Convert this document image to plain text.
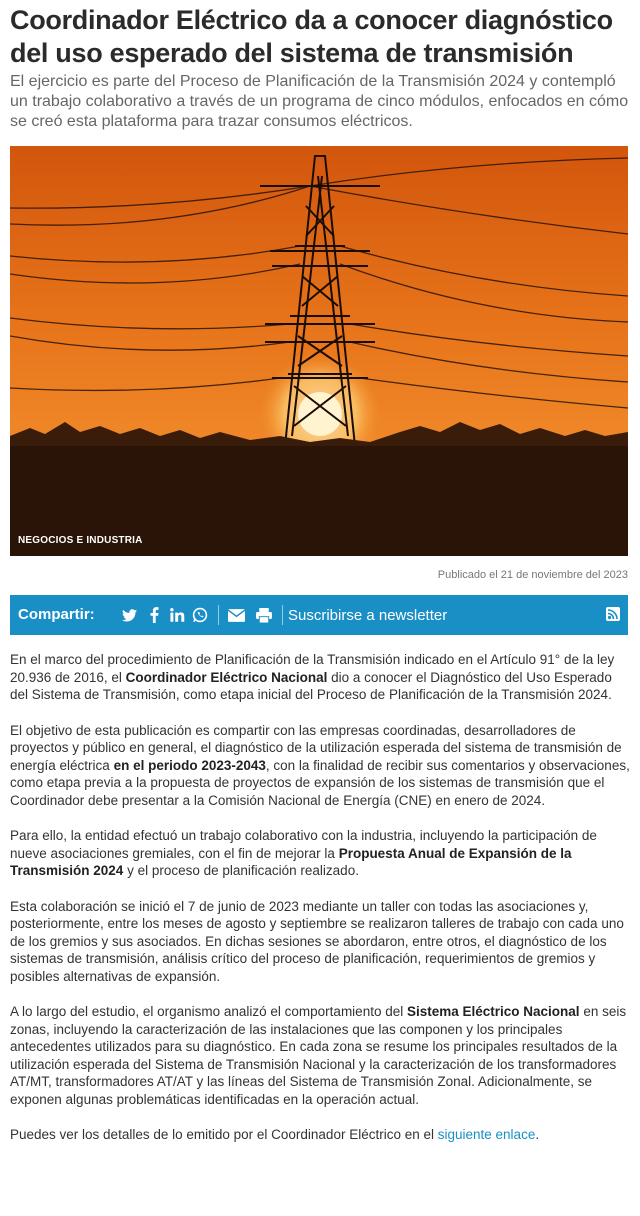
Coordinador Eléctrico da a conocer diagnóstico del uso esperado del sistema de transmisión

El ejercicio es parte del Proceso de Planificación de la Transmisión 2024 y contempló un trabajo colaborativo a través de un programa de cinco módulos, enfocados en cómo se creó esta plataforma para trazar consumos eléctricos.

NEGOCIOS E INDUSTRIA
Publicado el 21 de noviembre del 2023
Compartir:	Suscribirse a newsletter

En el marco del procedimiento de Planificación de la Transmisión indicado en el Artículo 91° de la ley 20.936 de 2016, el Coordinador Eléctrico Nacional dio a conocer el Diagnóstico del Uso Esperado del Sistema de Transmisión, como etapa inicial del Proceso de Planificación de la Transmisión 2024.

El objetivo de esta publicación es compartir con las empresas coordinadas, desarrolladores de proyectos y público en general, el diagnóstico de la utilización esperada del sistema de transmisión de energía eléctrica en el periodo 2023-2043, con la finalidad de recibir sus comentarios y observaciones, como etapa previa a la propuesta de proyectos de expansión de los sistemas de transmisión que el Coordinador debe presentar a la Comisión Nacional de Energía (CNE) en enero de 2024.

Para ello, la entidad efectuó un trabajo colaborativo con la industria, incluyendo la participación de nueve asociaciones gremiales, con el fin de mejorar la Propuesta Anual de Expansión de la Transmisión 2024 y el proceso de planificación realizado.

Esta colaboración se inició el 7 de junio de 2023 mediante un taller con todas las asociaciones y, posteriormente, entre los meses de agosto y septiembre se realizaron talleres de trabajo con cada uno de los gremios y sus asociados. En dichas sesiones se abordaron, entre otros, el diagnóstico de los sistemas de transmisión, análisis crítico del proceso de planificación, requerimientos de gremios y posibles alternativas de expansión.

A lo largo del estudio, el organismo analizó el comportamiento del Sistema Eléctrico Nacional en seis zonas, incluyendo la caracterización de las instalaciones que las componen y los principales antecedentes utilizados para su diagnóstico. En cada zona se resume los principales resultados de la utilización esperada del Sistema de Transmisión Nacional y la caracterización de los transformadores AT/MT, transformadores AT/AT y las líneas del Sistema de Transmisión Zonal. Adicionalmente, se exponen algunas problemáticas identificadas en la operación actual.

Puedes ver los detalles de lo emitido por el Coordinador Eléctrico en el siguiente enlace.
